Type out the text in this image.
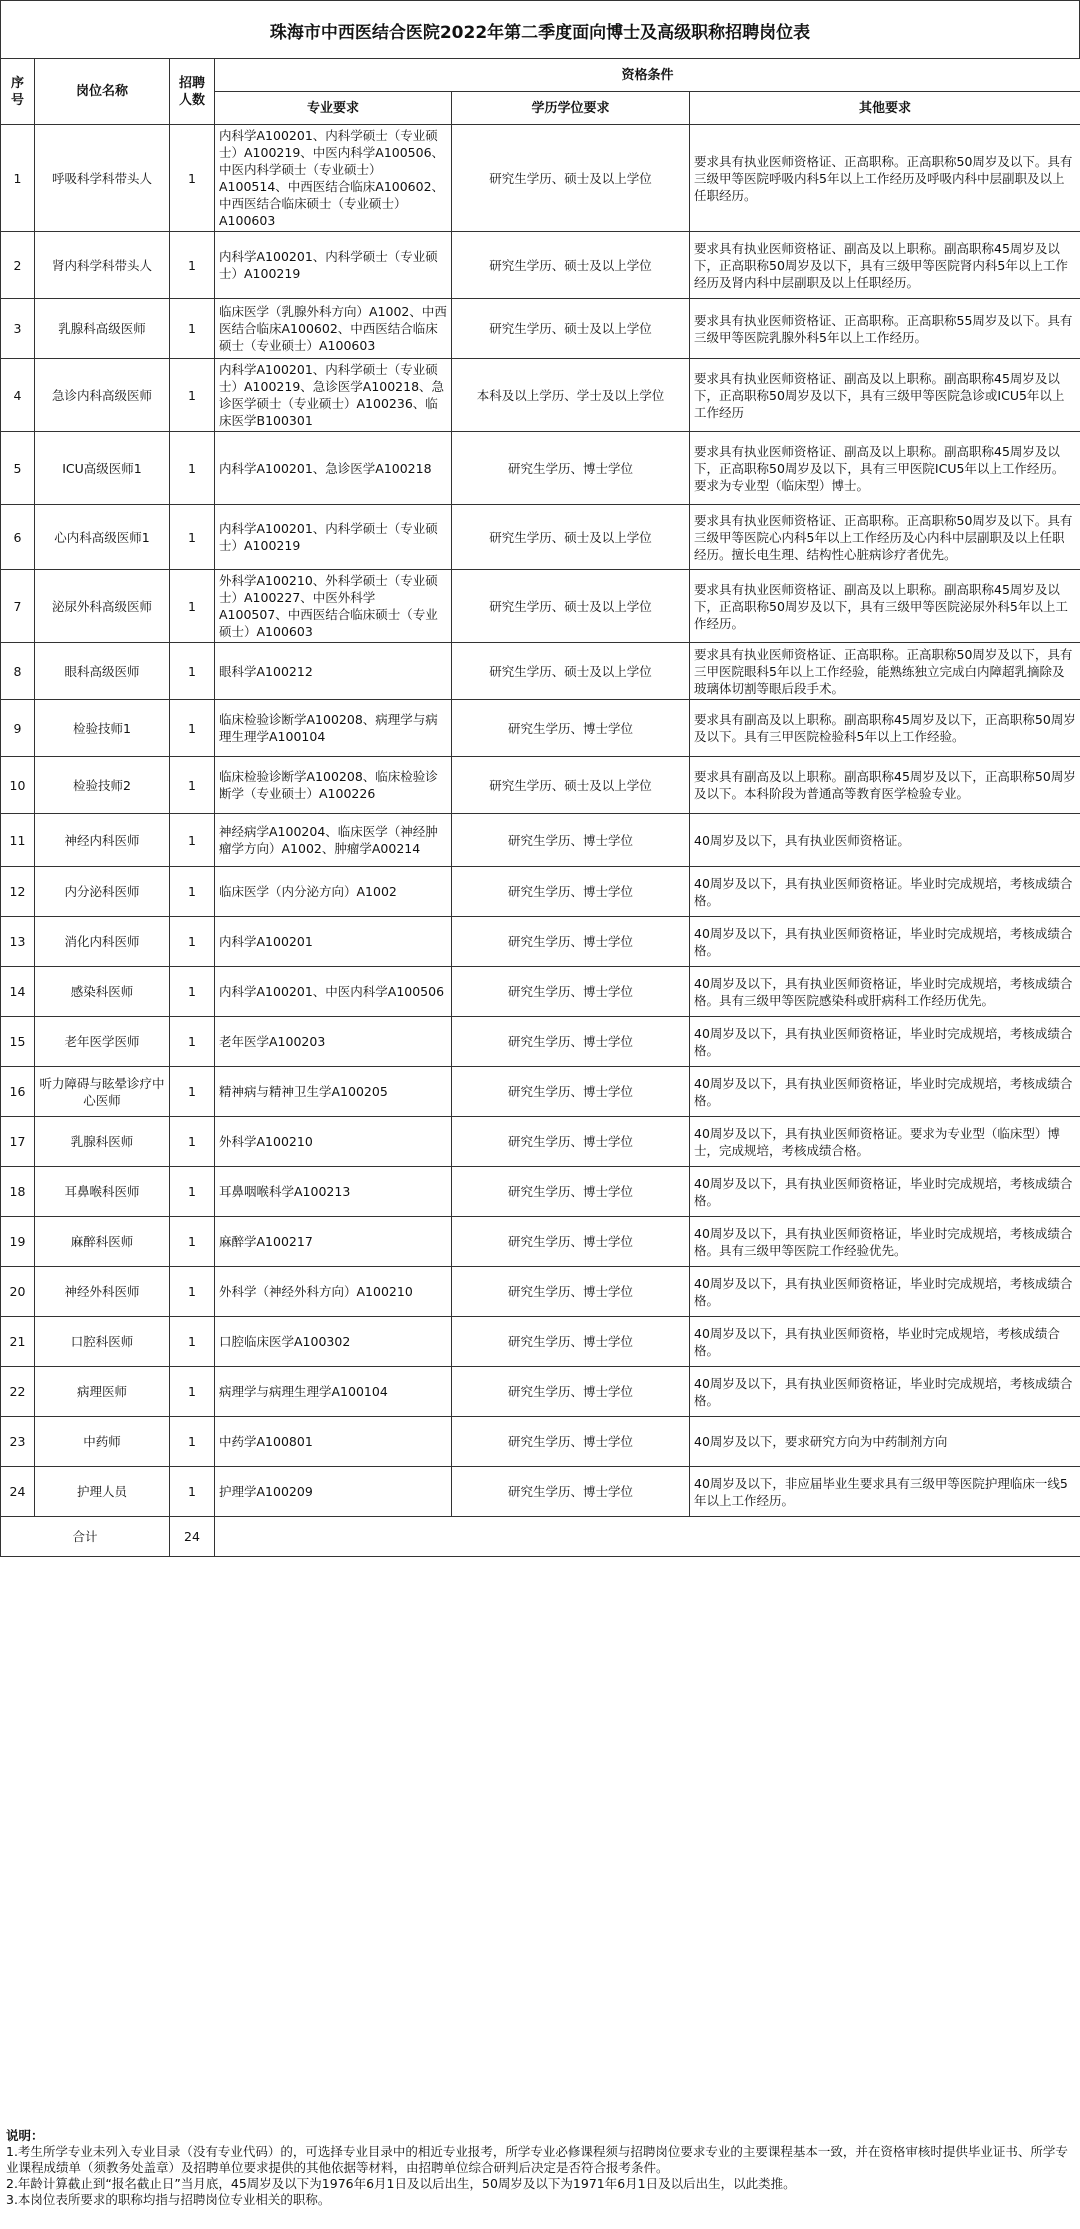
珠海市中西医结合医院2022年第二季度面向博士及高级职称招聘岗位表
序号	岗位名称	招聘人数	资格条件		
			专业要求	学历学位要求	其他要求
1	呼吸科学科带头人	1	内科学A100201、内科学硕士（专业硕士）A100219、中医内科学A100506、中医内科学硕士（专业硕士）A100514、中西医结合临床A100602、中西医结合临床硕士（专业硕士）A100603	研究生学历、硕士及以上学位	要求具有执业医师资格证、正高职称。正高职称50周岁及以下。具有三级甲等医院呼吸内科5年以上工作经历及呼吸内科中层副职及以上任职经历。
2	肾内科学科带头人	1	内科学A100201、内科学硕士（专业硕士）A100219	研究生学历、硕士及以上学位	要求具有执业医师资格证、副高及以上职称。副高职称45周岁及以下，正高职称50周岁及以下，具有三级甲等医院肾内科5年以上工作经历及肾内科中层副职及以上任职经历。
3	乳腺科高级医师	1	临床医学（乳腺外科方向）A1002、中西医结合临床A100602、中西医结合临床硕士（专业硕士）A100603	研究生学历、硕士及以上学位	要求具有执业医师资格证、正高职称。正高职称55周岁及以下。具有三级甲等医院乳腺外科5年以上工作经历。
4	急诊内科高级医师	1	内科学A100201、内科学硕士（专业硕士）A100219、急诊医学A100218、急诊医学硕士（专业硕士）A100236、临床医学B100301	本科及以上学历、学士及以上学位	要求具有执业医师资格证、副高及以上职称。副高职称45周岁及以下，正高职称50周岁及以下，具有三级甲等医院急诊或ICU5年以上工作经历
5	ICU高级医师1	1	内科学A100201、急诊医学A100218	研究生学历、博士学位	要求具有执业医师资格证、副高及以上职称。副高职称45周岁及以下，正高职称50周岁及以下，具有三甲医院ICU5年以上工作经历。要求为专业型（临床型）博士。
6	心内科高级医师1	1	内科学A100201、内科学硕士（专业硕士）A100219	研究生学历、硕士及以上学位	要求具有执业医师资格证、正高职称。正高职称50周岁及以下。具有三级甲等医院心内科5年以上工作经历及心内科中层副职及以上任职经历。擅长电生理、结构性心脏病诊疗者优先。
7	泌尿外科高级医师	1	外科学A100210、外科学硕士（专业硕士）A100227、中医外科学 A100507、中西医结合临床硕士（专业硕士）A100603	研究生学历、硕士及以上学位	要求具有执业医师资格证、副高及以上职称。副高职称45周岁及以下，正高职称50周岁及以下，具有三级甲等医院泌尿外科5年以上工作经历。
8	眼科高级医师	1	眼科学A100212	研究生学历、硕士及以上学位	要求具有执业医师资格证、正高职称。正高职称50周岁及以下，具有三甲医院眼科5年以上工作经验，能熟练独立完成白内障超乳摘除及玻璃体切割等眼后段手术。
9	检验技师1	1	临床检验诊断学A100208、病理学与病理生理学A100104	研究生学历、博士学位	要求具有副高及以上职称。副高职称45周岁及以下，正高职称50周岁及以下。具有三甲医院检验科5年以上工作经验。
10	检验技师2	1	临床检验诊断学A100208、临床检验诊断学（专业硕士）A100226	研究生学历、硕士及以上学位	要求具有副高及以上职称。副高职称45周岁及以下，正高职称50周岁及以下。本科阶段为普通高等教育医学检验专业。
11	神经内科医师	1	神经病学A100204、临床医学（神经肿瘤学方向）A1002、肿瘤学A00214	研究生学历、博士学位	40周岁及以下，具有执业医师资格证。
12	内分泌科医师	1	临床医学（内分泌方向）A1002	研究生学历、博士学位	40周岁及以下，具有执业医师资格证。毕业时完成规培，考核成绩合格。
13	消化内科医师	1	内科学A100201	研究生学历、博士学位	40周岁及以下，具有执业医师资格证，毕业时完成规培，考核成绩合格。
14	感染科医师	1	内科学A100201、中医内科学A100506	研究生学历、博士学位	40周岁及以下，具有执业医师资格证，毕业时完成规培，考核成绩合格。具有三级甲等医院感染科或肝病科工作经历优先。
15	老年医学医师	1	老年医学A100203	研究生学历、博士学位	40周岁及以下，具有执业医师资格证，毕业时完成规培，考核成绩合格。
16	听力障碍与眩晕诊疗中心医师	1	精神病与精神卫生学A100205	研究生学历、博士学位	40周岁及以下，具有执业医师资格证，毕业时完成规培，考核成绩合格。
17	乳腺科医师	1	外科学A100210	研究生学历、博士学位	40周岁及以下，具有执业医师资格证。要求为专业型（临床型）博士，完成规培，考核成绩合格。
18	耳鼻喉科医师	1	耳鼻咽喉科学A100213	研究生学历、博士学位	40周岁及以下，具有执业医师资格证，毕业时完成规培，考核成绩合格。
19	麻醉科医师	1	麻醉学A100217	研究生学历、博士学位	40周岁及以下，具有执业医师资格证，毕业时完成规培，考核成绩合格。具有三级甲等医院工作经验优先。
20	神经外科医师	1	外科学（神经外科方向）A100210	研究生学历、博士学位	40周岁及以下，具有执业医师资格证，毕业时完成规培，考核成绩合格。
21	口腔科医师	1	口腔临床医学A100302	研究生学历、博士学位	40周岁及以下，具有执业医师资格，毕业时完成规培，考核成绩合格。
22	病理医师	1	病理学与病理生理学A100104	研究生学历、博士学位	40周岁及以下，具有执业医师资格证，毕业时完成规培，考核成绩合格。
23	中药师	1	中药学A100801	研究生学历、博士学位	40周岁及以下，要求研究方向为中药制剂方向
24	护理人员	1	护理学A100209	研究生学历、博士学位	40周岁及以下，非应届毕业生要求具有三级甲等医院护理临床一线5年以上工作经历。
合计		24			
说明：
1.考生所学专业未列入专业目录（没有专业代码）的，可选择专业目录中的相近专业报考，所学专业必修课程须与招聘岗位要求专业的主要课程基本一致，并在资格审核时提供毕业证书、所学专业课程成绩单（须教务处盖章）及招聘单位要求提供的其他依据等材料，由招聘单位综合研判后决定是否符合报考条件。
2.年龄计算截止到“报名截止日”当月底，45周岁及以下为1976年6月1日及以后出生，50周岁及以下为1971年6月1日及以后出生，以此类推。
3.本岗位表所要求的职称均指与招聘岗位专业相关的职称。
